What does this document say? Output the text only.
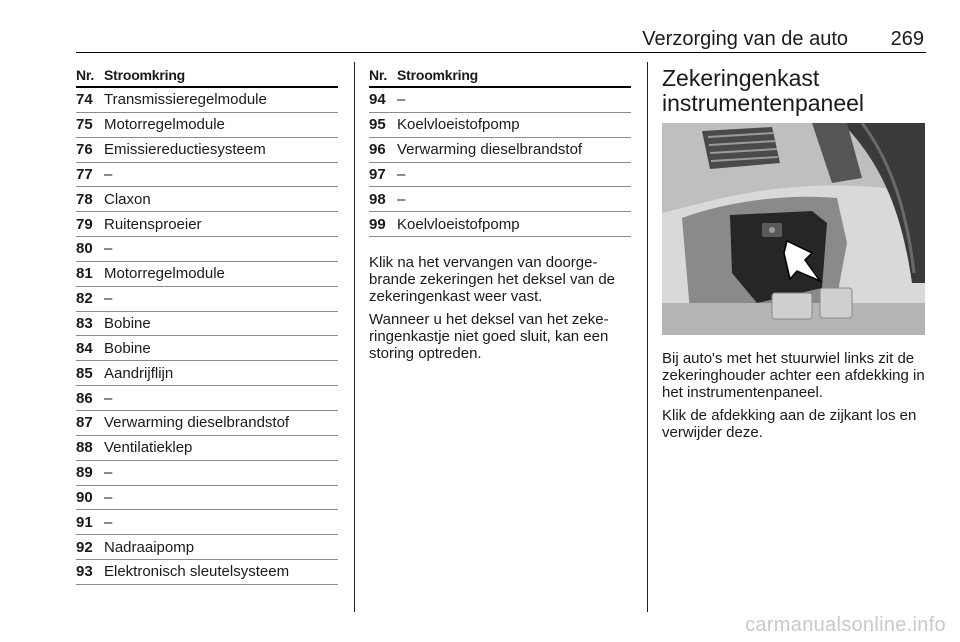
Verzorging van de auto 269
Nr. Stroomkring
74 Transmissieregelmodule
75 Motorregelmodule
76 Emissiereductiesysteem
77 –
78 Claxon
79 Ruitensproeier
80 –
81 Motorregelmodule
82 –
83 Bobine
84 Bobine
85 Aandrijflijn
86 –
87 Verwarming dieselbrandstof
88 Ventilatieklep
89 –
90 –
91 –
92 Nadraaipomp
93 Elektronisch sleutelsysteem
Nr. Stroomkring
94 –
95 Koelvloeistofpomp
96 Verwarming dieselbrandstof
97 –
98 –
99 Koelvloeistofpomp

Klik na het vervangen van doorgebrande zekeringen het deksel van de zekeringenkast weer vast.

Wanneer u het deksel van het zekeringenkastje niet goed sluit, kan een storing optreden.

Zekeringenkast
instrumentenpaneel

Bij auto's met het stuurwiel links zit de zekeringhouder achter een afdekking in het instrumentenpaneel.

Klik de afdekking aan de zijkant los en verwijder deze.

carmanualsonline.info
